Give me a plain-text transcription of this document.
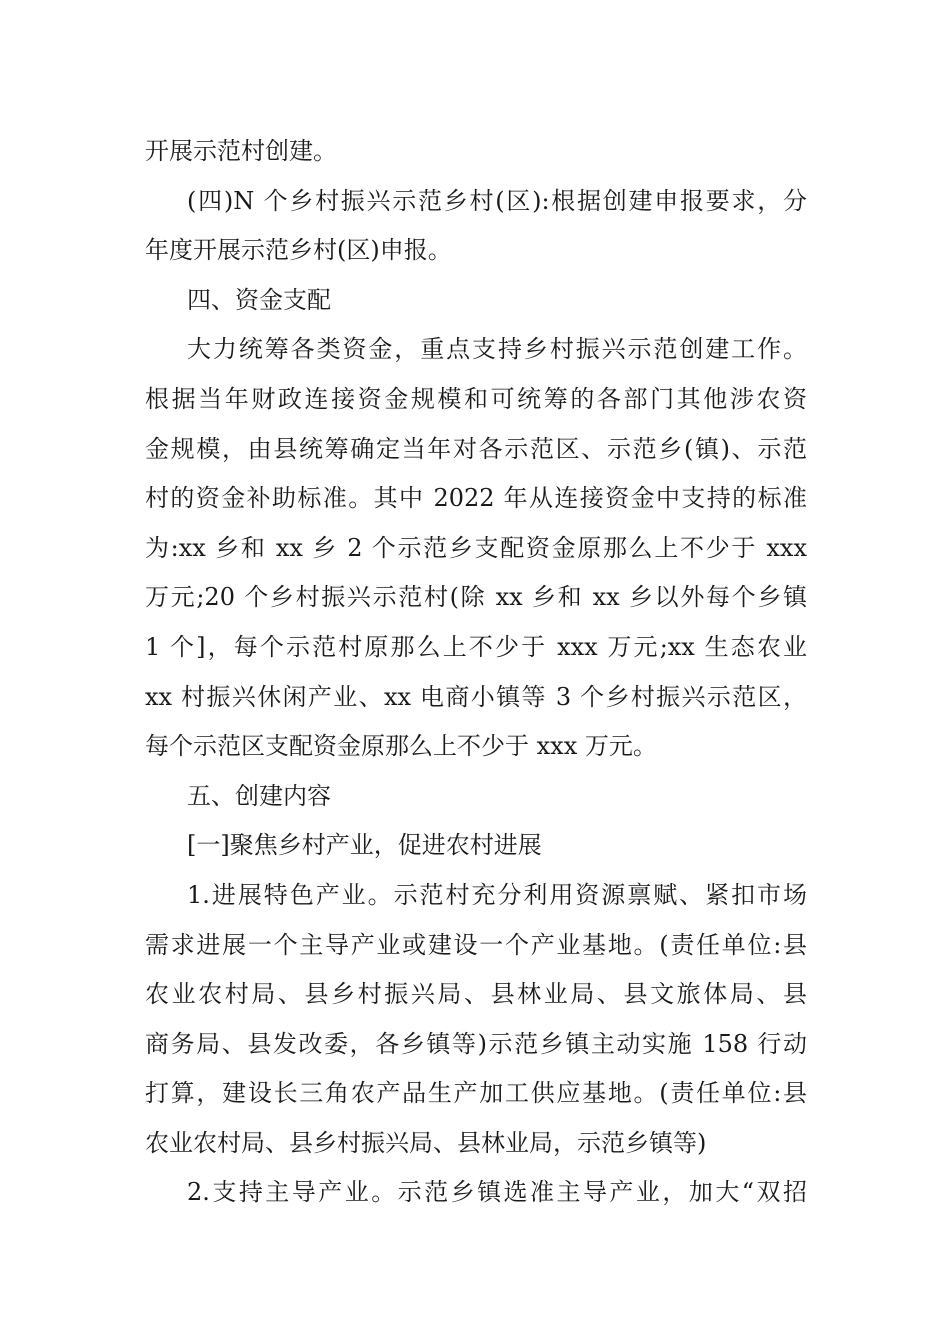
开展示范村创建。
(四)N 个乡村振兴示范乡村(区):根据创建申报要求，分
年度开展示范乡村(区)申报。
四、资金支配
大力统筹各类资金，重点支持乡村振兴示范创建工作。
根据当年财政连接资金规模和可统筹的各部门其他涉农资
金规模，由县统筹确定当年对各示范区、示范乡(镇)、示范
村的资金补助标准。其中 2022 年从连接资金中支持的标准
为:xx 乡和 xx 乡 2 个示范乡支配资金原那么上不少于 xxx
万元;20 个乡村振兴示范村(除 xx 乡和 xx 乡以外每个乡镇
1 个]，每个示范村原那么上不少于 xxx 万元;xx 生态农业
xx 村振兴休闲产业、xx 电商小镇等 3 个乡村振兴示范区，
每个示范区支配资金原那么上不少于 xxx 万元。
五、创建内容
[一]聚焦乡村产业，促进农村进展
1.进展特色产业。示范村充分利用资源禀赋、紧扣市场
需求进展一个主导产业或建设一个产业基地。(责任单位:县
农业农村局、县乡村振兴局、县林业局、县文旅体局、县
商务局、县发改委，各乡镇等)示范乡镇主动实施 158 行动
打算，建设长三角农产品生产加工供应基地。(责任单位:县
农业农村局、县乡村振兴局、县林业局，示范乡镇等)
2.支持主导产业。示范乡镇选准主导产业，加大“双招
